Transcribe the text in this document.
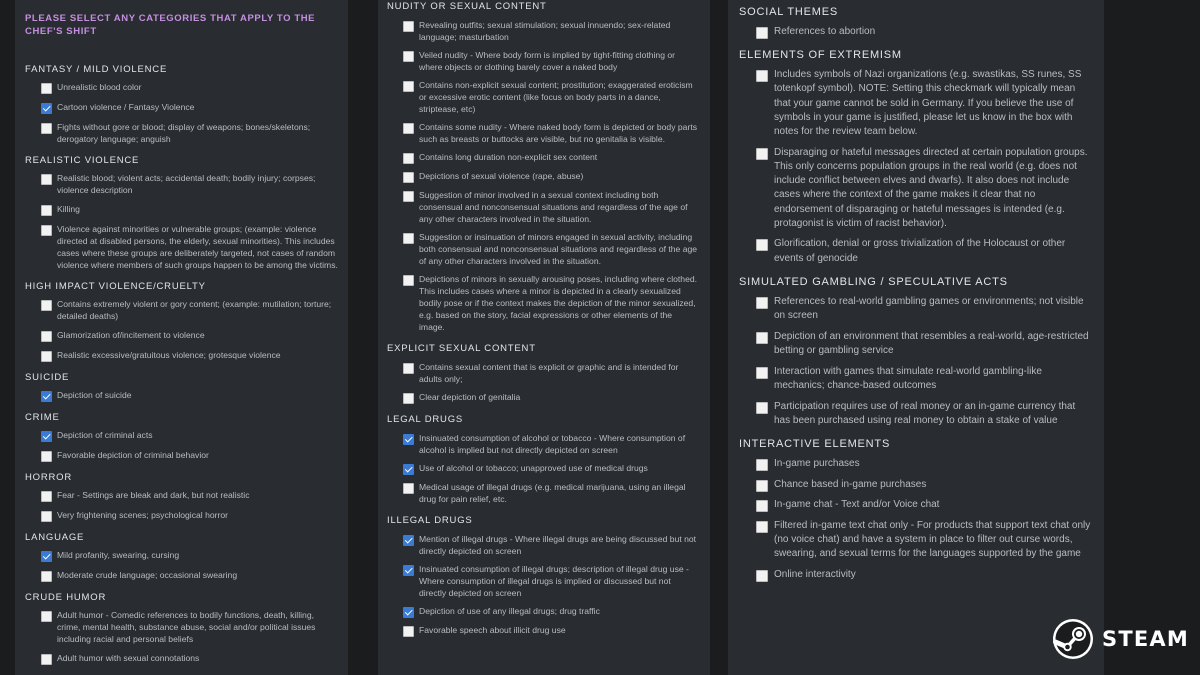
PLEASE SELECT ANY CATEGORIES THAT APPLY TO THE CHEF'S SHIFT
FANTASY / MILD VIOLENCE
Unrealistic blood color
Cartoon violence / Fantasy Violence
Fights without gore or blood; display of weapons; bones/skeletons; derogatory language; anguish
REALISTIC VIOLENCE
Realistic blood; violent acts; accidental death; bodily injury; corpses; violence description
Killing
Violence against minorities or vulnerable groups; (example: violence directed at disabled persons, the elderly, sexual minorities). This includes cases where these groups are deliberately targeted, not cases of random violence where members of such groups happen to be among the victims.
HIGH IMPACT VIOLENCE/CRUELTY
Contains extremely violent or gory content; (example: mutilation; torture; detailed deaths)
Glamorization of/incitement to violence
Realistic excessive/gratuitous violence; grotesque violence
SUICIDE
Depiction of suicide
CRIME
Depiction of criminal acts
Favorable depiction of criminal behavior
HORROR
Fear - Settings are bleak and dark, but not realistic
Very frightening scenes; psychological horror
LANGUAGE
Mild profanity, swearing, cursing
Moderate crude language; occasional swearing
CRUDE HUMOR
Adult humor - Comedic references to bodily functions, death, killing, crime, mental health, substance abuse, social and/or political issues including racial and personal beliefs
Adult humor with sexual connotations
NUDITY OR SEXUAL CONTENT
Revealing outfits; sexual stimulation; sexual innuendo; sex-related language; masturbation
Veiled nudity - Where body form is implied by tight-fitting clothing or where objects or clothing barely cover a naked body
Contains non-explicit sexual content; prostitution; exaggerated eroticism or excessive erotic content (like focus on body parts in a dance, striptease, etc)
Contains some nudity - Where naked body form is depicted or body parts such as breasts or buttocks are visible, but no genitalia is visible.
Contains long duration non-explicit sex content
Depictions of sexual violence (rape, abuse)
Suggestion of minor involved in a sexual context including both consensual and nonconsensual situations and regardless of the age of any other characters involved in the situation.
Suggestion or insinuation of minors engaged in sexual activity, including both consensual and nonconsensual situations and regardless of the age of any other characters involved in the situation.
Depictions of minors in sexually arousing poses, including where clothed. This includes cases where a minor is depicted in a clearly sexualized bodily pose or if the context makes the depiction of the minor sexualized, e.g. based on the story, facial expressions or other elements of the image.
EXPLICIT SEXUAL CONTENT
Contains sexual content that is explicit or graphic and is intended for adults only;
Clear depiction of genitalia
LEGAL DRUGS
Insinuated consumption of alcohol or tobacco - Where consumption of alcohol is implied but not directly depicted on screen
Use of alcohol or tobacco; unapproved use of medical drugs
Medical usage of illegal drugs (e.g. medical marijuana, using an illegal drug for pain relief, etc.
ILLEGAL DRUGS
Mention of illegal drugs - Where illegal drugs are being discussed but not directly depicted on screen
Insinuated consumption of illegal drugs; description of illegal drug use - Where consumption of illegal drugs is implied or discussed but not directly depicted on screen
Depiction of use of any illegal drugs; drug traffic
Favorable speech about illicit drug use
SOCIAL THEMES
References to abortion
ELEMENTS OF EXTREMISM
Includes symbols of Nazi organizations (e.g. swastikas, SS runes, SS totenkopf symbol). NOTE: Setting this checkmark will typically mean that your game cannot be sold in Germany. If you believe the use of symbols in your game is justified, please let us know in the box with notes for the review team below.
Disparaging or hateful messages directed at certain population groups. This only concerns population groups in the real world (e.g. does not include conflict between elves and dwarfs). It also does not include cases where the context of the game makes it clear that no endorsement of disparaging or hateful messages is intended (e.g. protagonist is victim of racist behavior).
Glorification, denial or gross trivialization of the Holocaust or other events of genocide
SIMULATED GAMBLING / SPECULATIVE ACTS
References to real-world gambling games or environments; not visible on screen
Depiction of an environment that resembles a real-world, age-restricted betting or gambling service
Interaction with games that simulate real-world gambling-like mechanics; chance-based outcomes
Participation requires use of real money or an in-game currency that has been purchased using real money to obtain a stake of value
INTERACTIVE ELEMENTS
In-game purchases
Chance based in-game purchases
In-game chat - Text and/or Voice chat
Filtered in-game text chat only - For products that support text chat only (no voice chat) and have a system in place to filter out curse words, swearing, and sexual terms for the languages supported by the game
Online interactivity
STEAM
